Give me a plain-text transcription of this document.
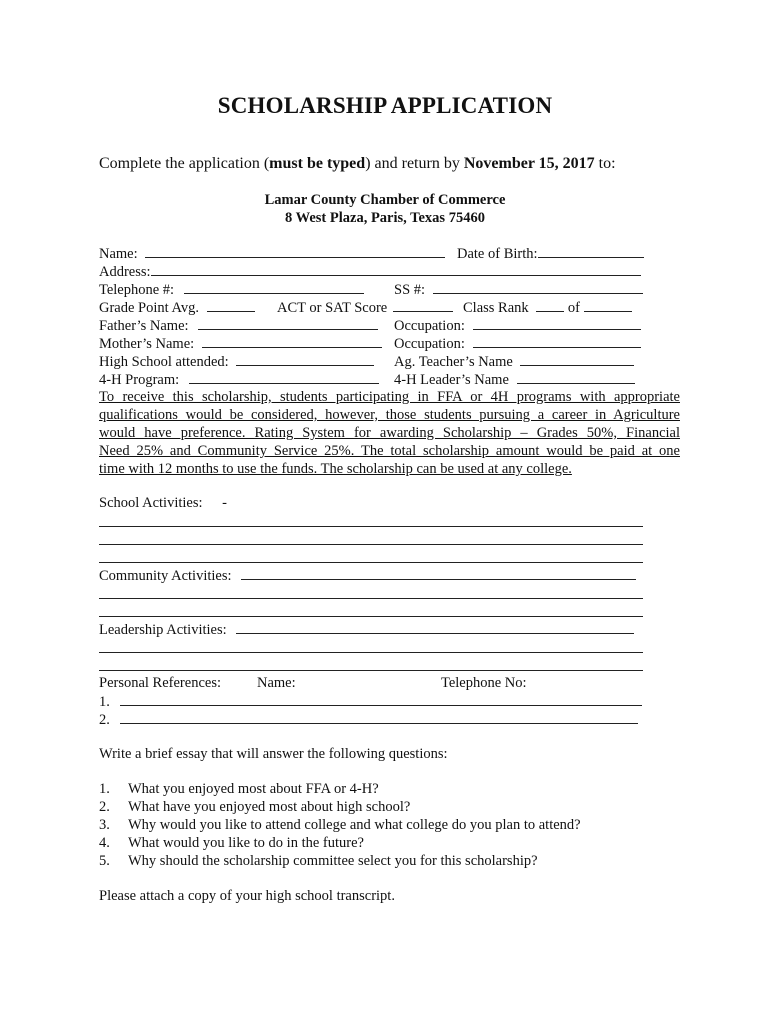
SCHOLARSHIP APPLICATION
Complete the application (must be typed) and return by November 15, 2017 to:
Lamar County Chamber of Commerce
8 West Plaza, Paris, Texas 75460
Name:	Date of Birth:
Address:
Telephone #:	SS #:
Grade Point Avg.	ACT or SAT Score	Class Rank	of
Father’s Name:	Occupation:
Mother’s Name:	Occupation:
High School attended:	Ag. Teacher’s Name
4-H Program:	4-H Leader’s Name
To receive this scholarship, students participating in FFA or 4H programs with appropriate
qualifications would be considered, however, those students pursuing a career in Agriculture
would have preference. Rating System for awarding Scholarship – Grades 50%, Financial
Need 25% and Community Service 25%. The total scholarship amount would be paid at one
time with 12 months to use the funds. The scholarship can be used at any college.
School Activities: -
Community Activities:
Leadership Activities:
Personal References: Name:	Telephone No:
1.
2.
Write a brief essay that will answer the following questions:
1. What you enjoyed most about FFA or 4-H?
2. What have you enjoyed most about high school?
3. Why would you like to attend college and what college do you plan to attend?
4. What would you like to do in the future?
5. Why should the scholarship committee select you for this scholarship?
Please attach a copy of your high school transcript.
